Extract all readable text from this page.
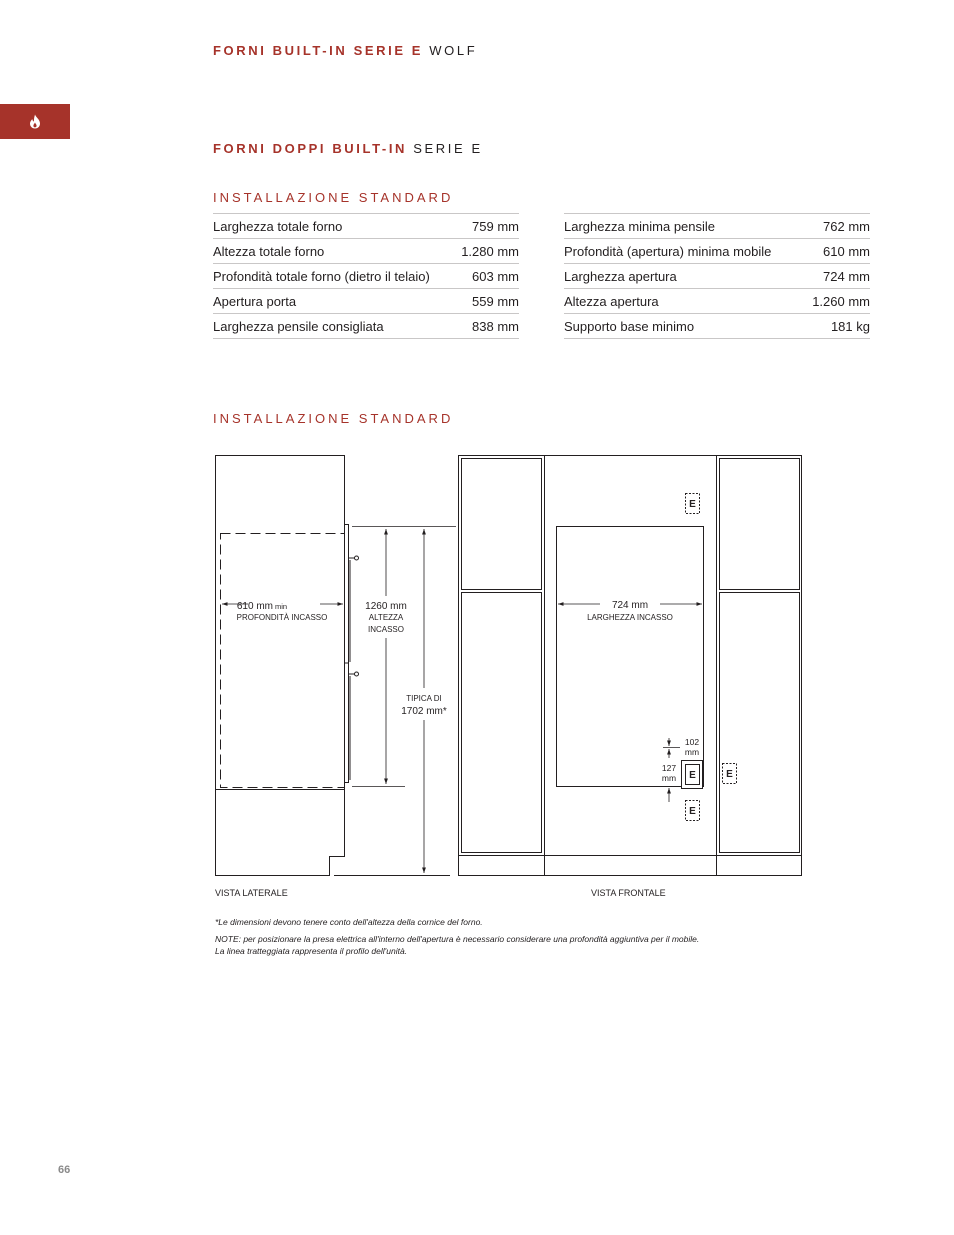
FORNI BUILT-IN SERIE E WOLF
FORNI DOPPI BUILT-IN SERIE E
INSTALLAZIONE STANDARD
Larghezza totale forno	759 mm
Altezza totale forno	1.280 mm
Profondità totale forno (dietro il telaio)	603 mm
Apertura porta	559 mm
Larghezza pensile consigliata	838 mm
Larghezza minima pensile	762 mm
Profondità (apertura) minima mobile	610 mm
Larghezza apertura	724 mm
Altezza apertura	1.260 mm
Supporto base minimo	181 kg
INSTALLAZIONE STANDARD
610 mm min
PROFONDITÀ INCASSO
1260 mm
ALTEZZA
INCASSO
TIPICA DI
1702 mm*
724 mm
LARGHEZZA INCASSO
E
E
E
E
102
mm
127
mm
VISTA LATERALE	VISTA FRONTALE
*Le dimensioni devono tenere conto dell'altezza della cornice del forno.
NOTE: per posizionare la presa elettrica all'interno dell'apertura è necessario considerare una profondità aggiuntiva per il mobile.
La linea tratteggiata rappresenta il profilo dell'unità.
66
